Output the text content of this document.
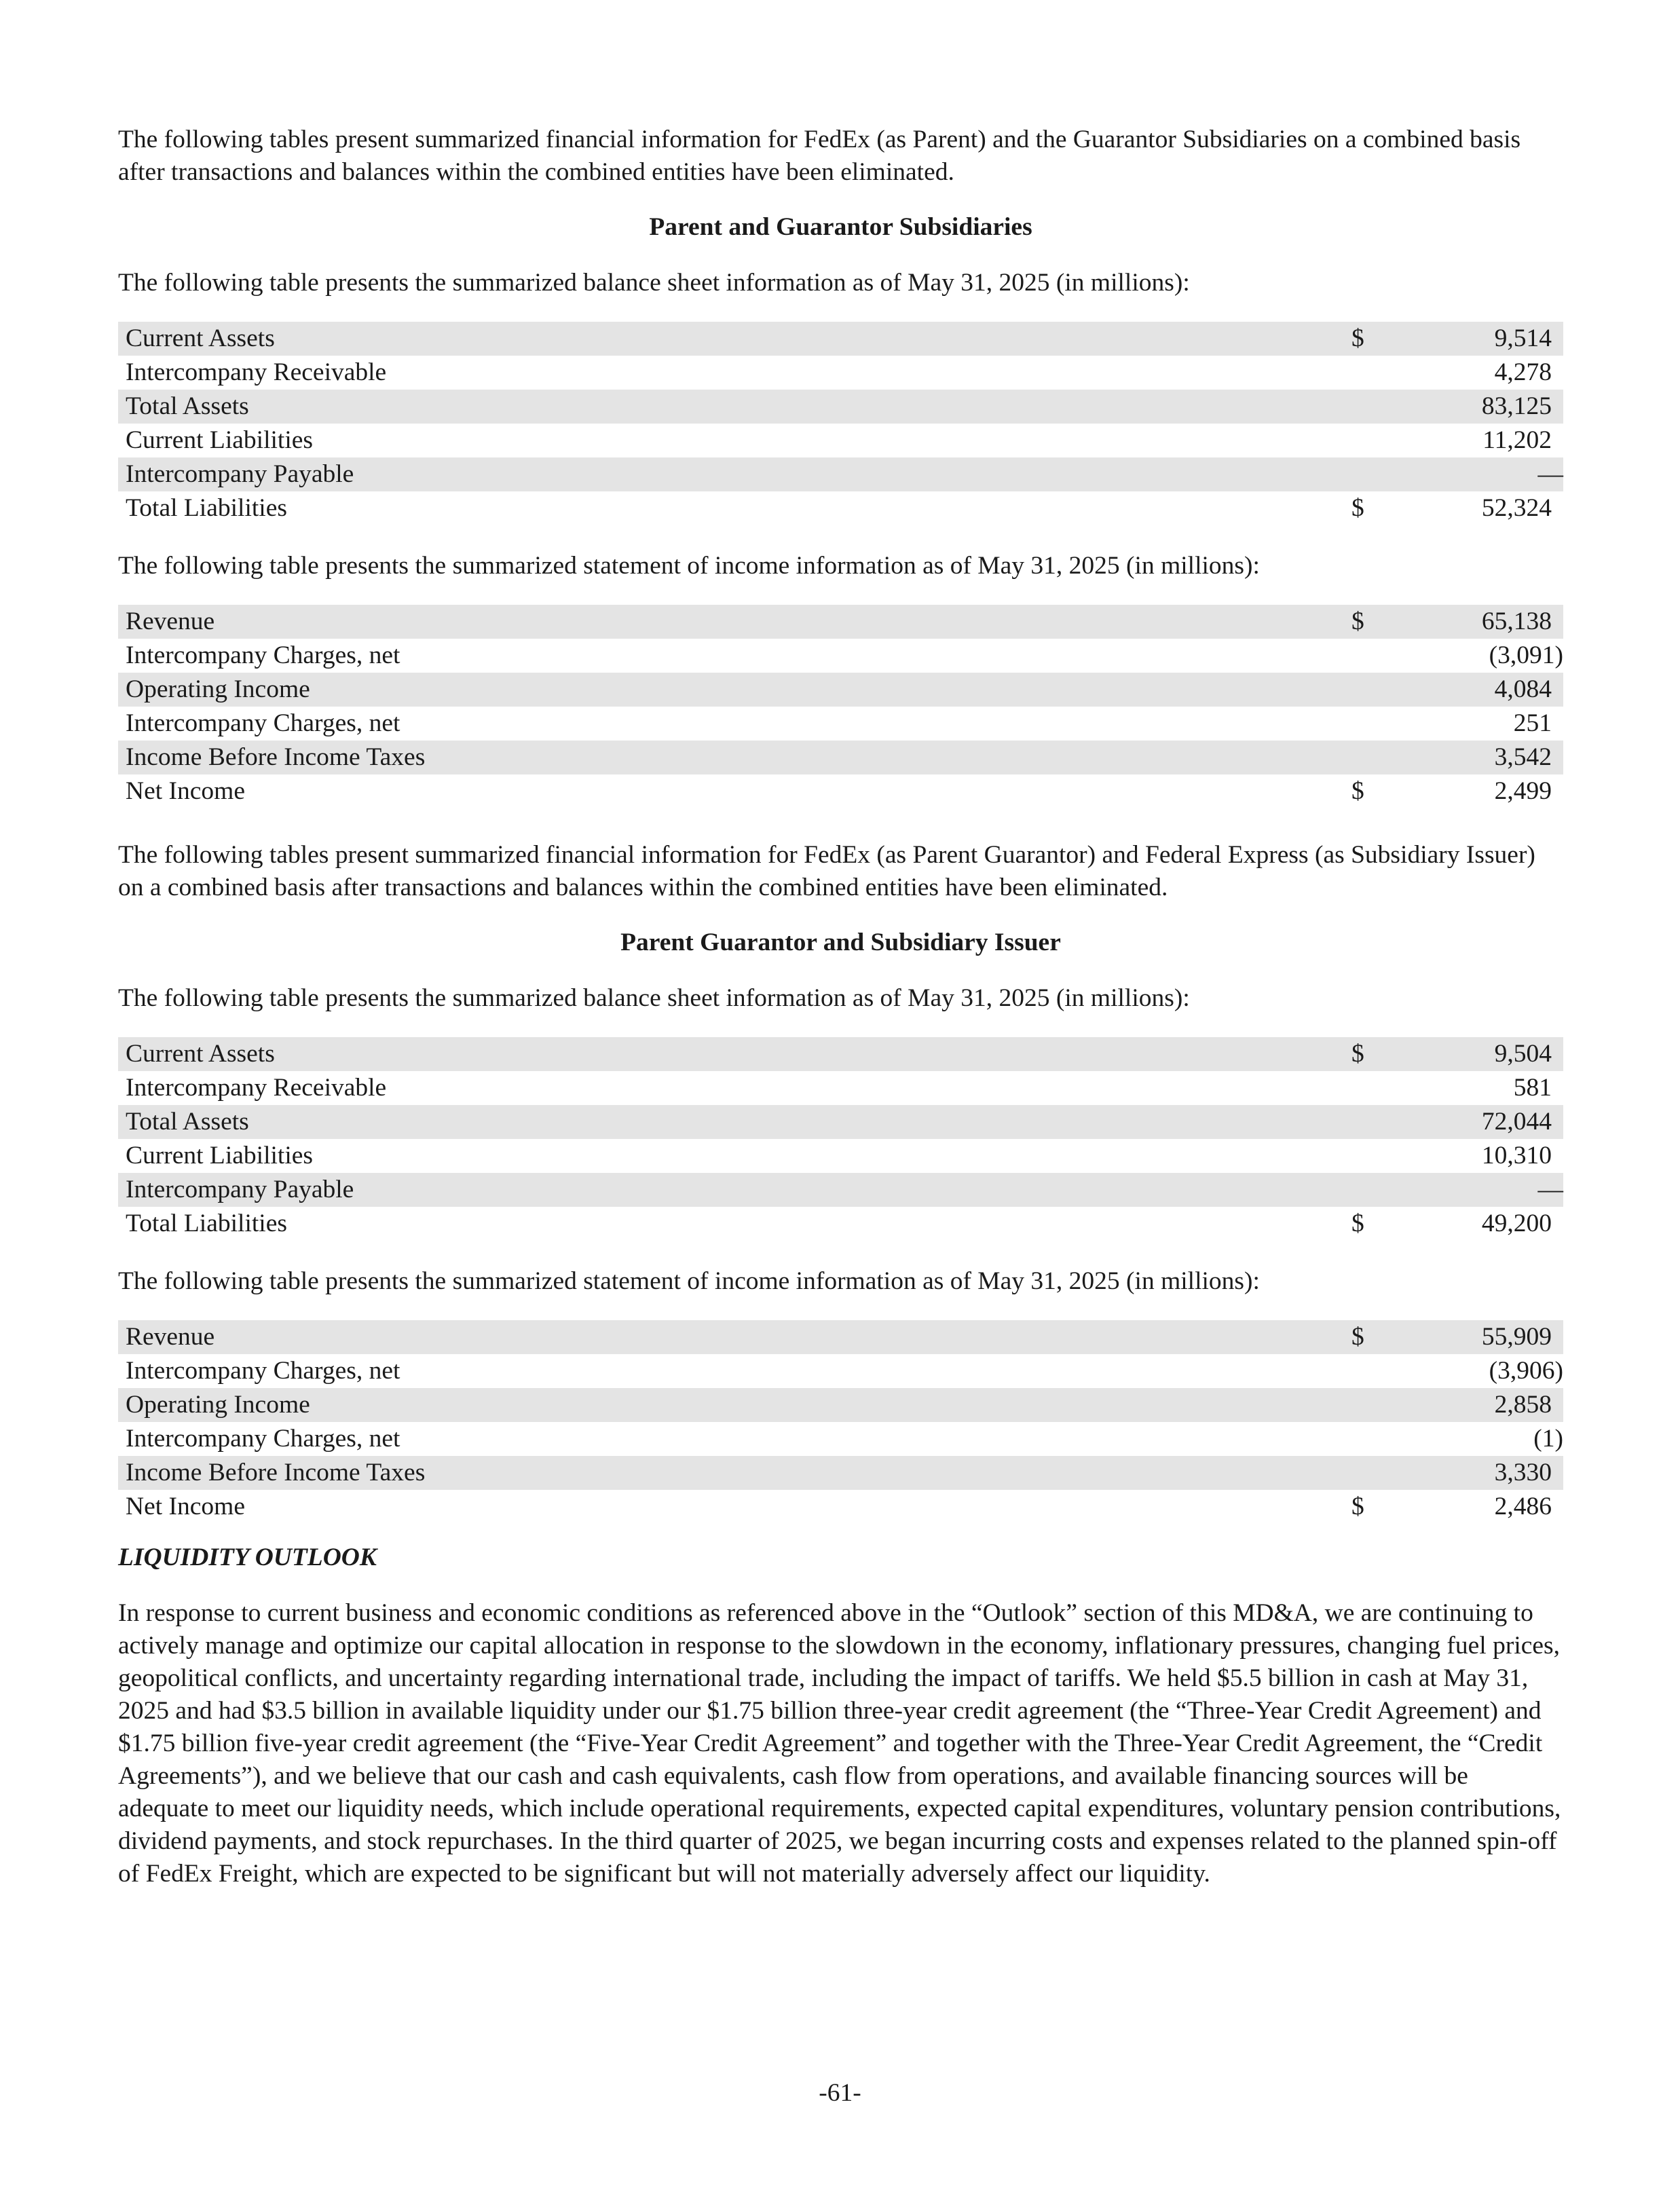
The following tables present summarized financial information for FedEx (as Parent) and the Guarantor Subsidiaries on a combined basis after transactions and balances within the combined entities have been eliminated.

Parent and Guarantor Subsidiaries

The following table presents the summarized balance sheet information as of May 31, 2025 (in millions):

Current Assets	$	9,514
Intercompany Receivable		4,278
Total Assets		83,125
Current Liabilities		11,202
Intercompany Payable		—
Total Liabilities	$	52,324

The following table presents the summarized statement of income information as of May 31, 2025 (in millions):

Revenue	$	65,138
Intercompany Charges, net		(3,091)
Operating Income		4,084
Intercompany Charges, net		251
Income Before Income Taxes		3,542
Net Income	$	2,499

The following tables present summarized financial information for FedEx (as Parent Guarantor) and Federal Express (as Subsidiary Issuer) on a combined basis after transactions and balances within the combined entities have been eliminated.

Parent Guarantor and Subsidiary Issuer

The following table presents the summarized balance sheet information as of May 31, 2025 (in millions):

Current Assets	$	9,504
Intercompany Receivable		581
Total Assets		72,044
Current Liabilities		10,310
Intercompany Payable		—
Total Liabilities	$	49,200

The following table presents the summarized statement of income information as of May 31, 2025 (in millions):

Revenue	$	55,909
Intercompany Charges, net		(3,906)
Operating Income		2,858
Intercompany Charges, net		(1)
Income Before Income Taxes		3,330
Net Income	$	2,486
LIQUIDITY OUTLOOK

In response to current business and economic conditions as referenced above in the “Outlook” section of this MD&A, we are continuing to actively manage and optimize our capital allocation in response to the slowdown in the economy, inflationary pressures, changing fuel prices, geopolitical conflicts, and uncertainty regarding international trade, including the impact of tariffs. We held $5.5 billion in cash at May 31, 2025 and had $3.5 billion in available liquidity under our $1.75 billion three-year credit agreement (the “Three-Year Credit Agreement) and $1.75 billion five-year credit agreement (the “Five-Year Credit Agreement” and together with the Three-Year Credit Agreement, the “Credit Agreements”), and we believe that our cash and cash equivalents, cash flow from operations, and available financing sources will be adequate to meet our liquidity needs, which include operational requirements, expected capital expenditures, voluntary pension contributions, dividend payments, and stock repurchases. In the third quarter of 2025, we began incurring costs and expenses related to the planned spin-off of FedEx Freight, which are expected to be significant but will not materially adversely affect our liquidity.

-61-
